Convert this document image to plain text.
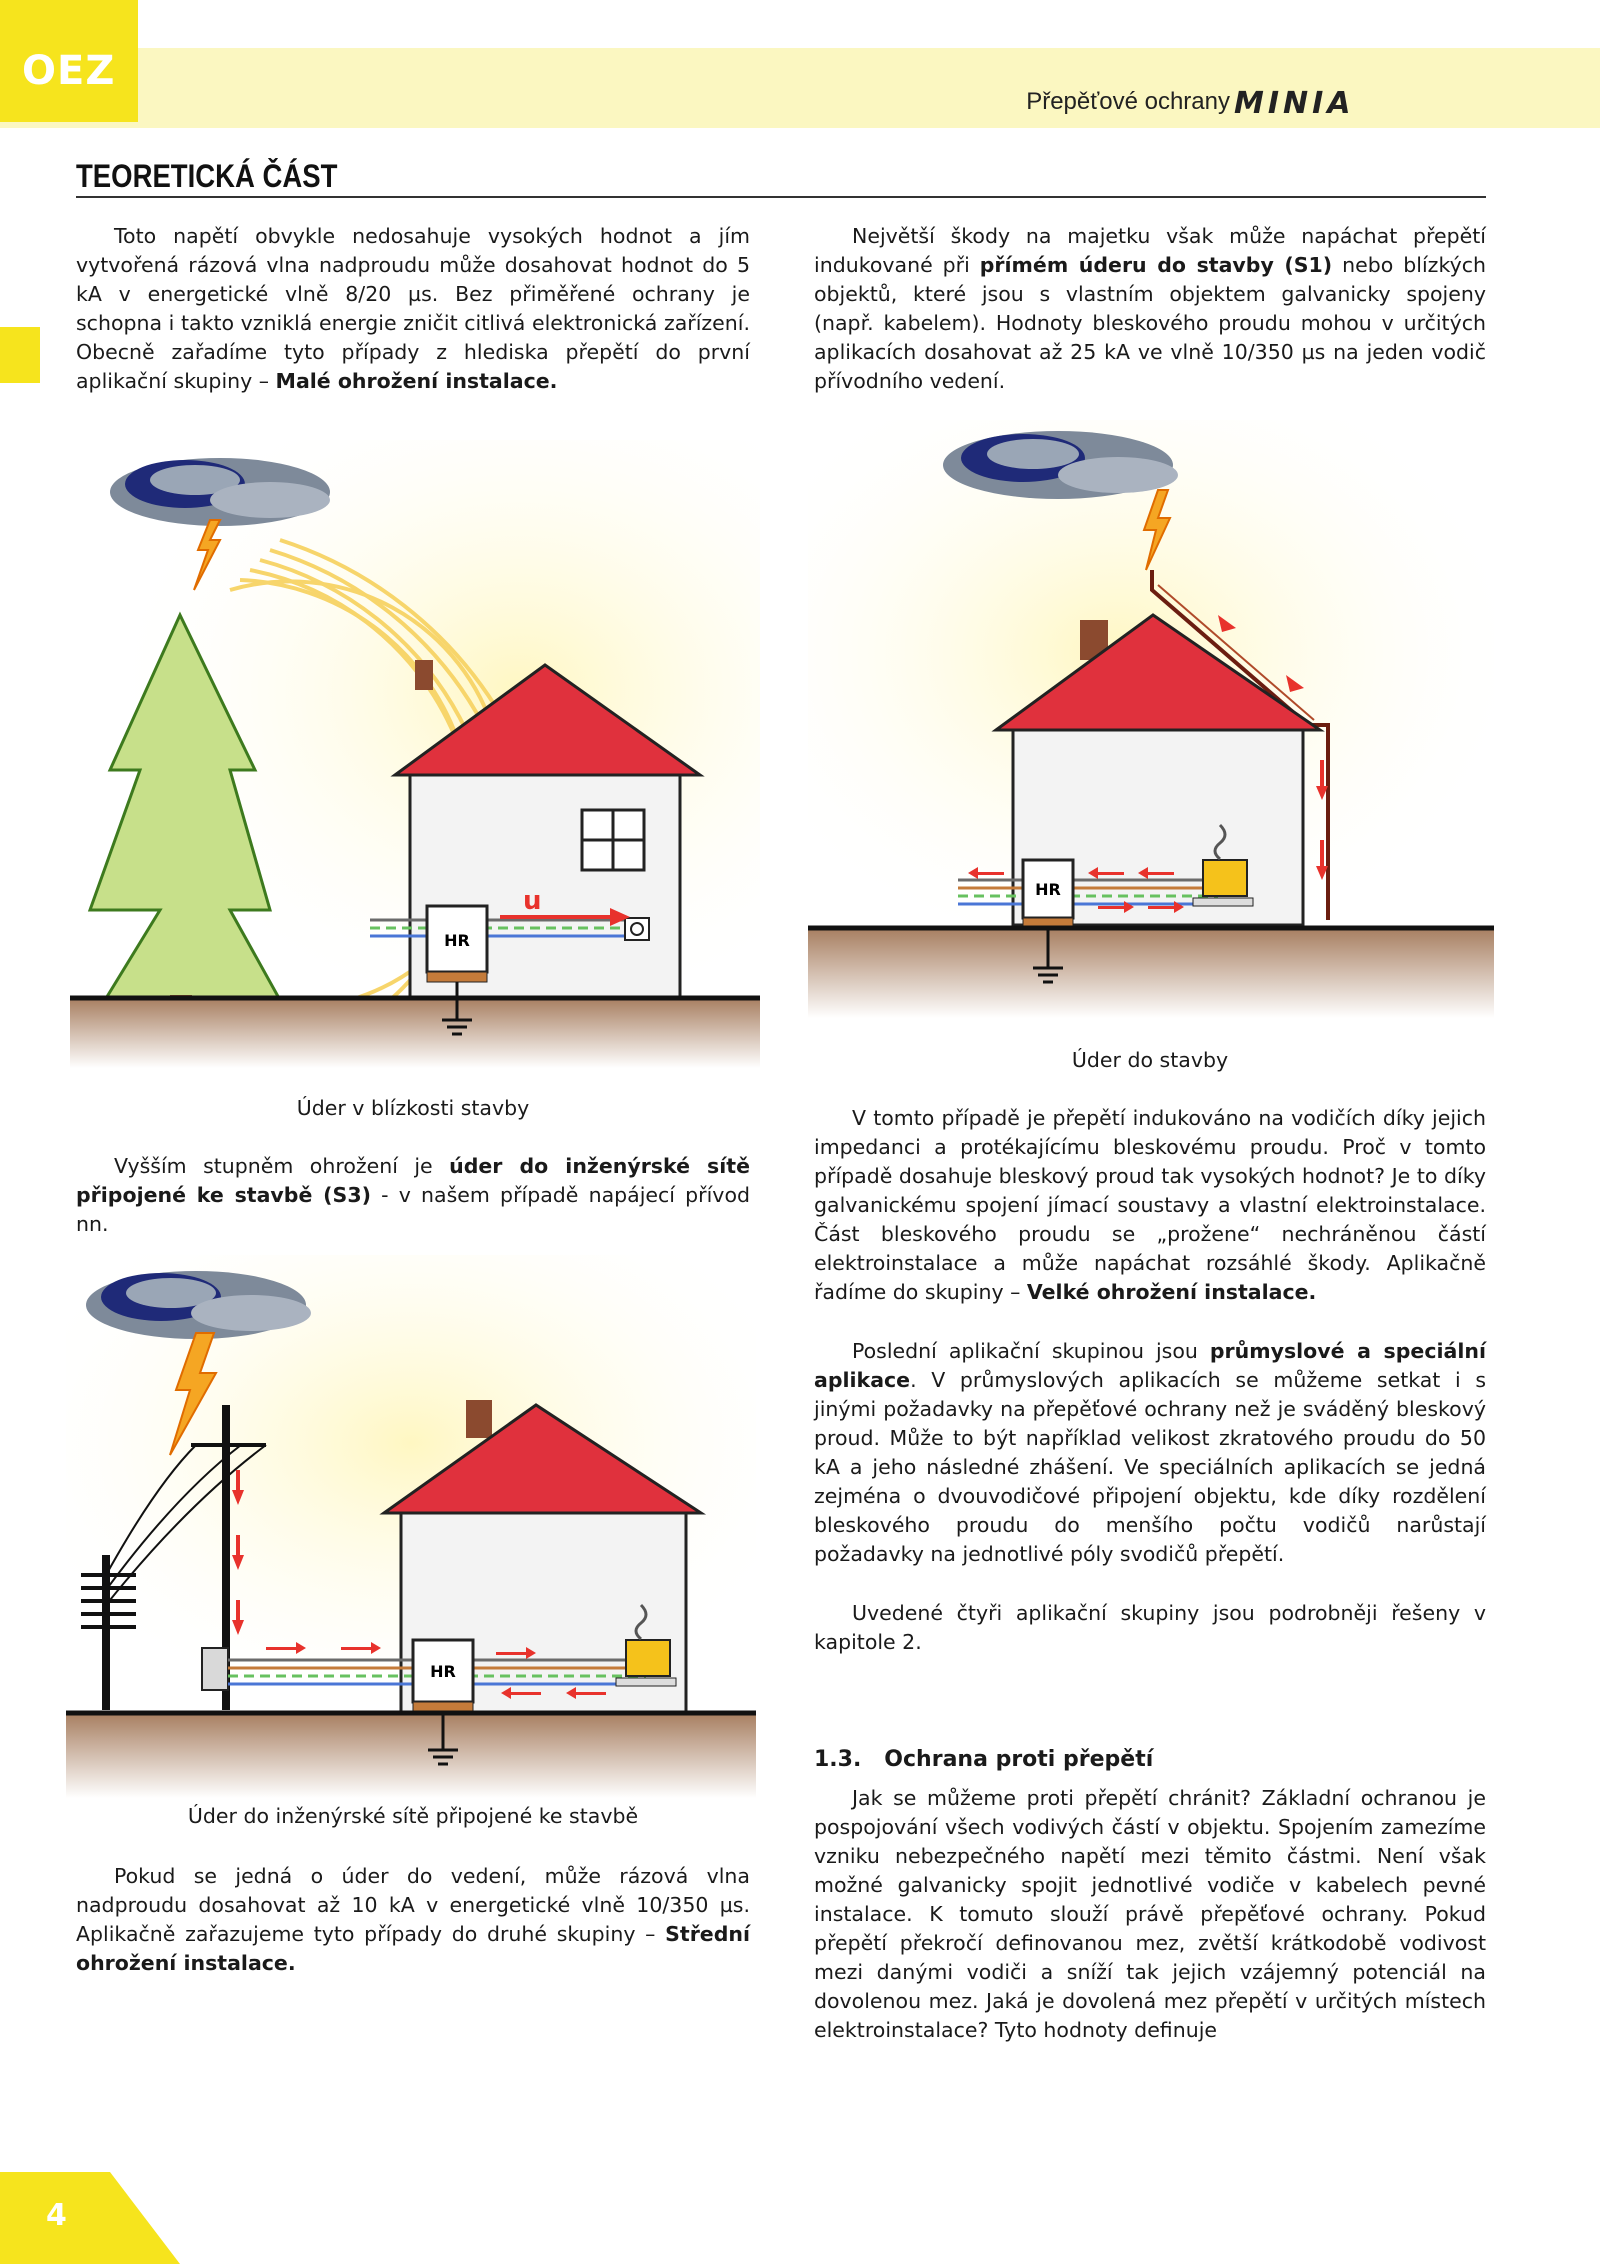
OEZ
Přepěťové ochrany MINIA
TEORETICKÁ ČÁST
Toto napětí obvykle nedosahuje vysokých hodnot a jím vytvořená rázová vlna nadproudu může dosahovat hodnot do 5 kA v energetické vlně 8/20 µs. Bez přiměřené ochrany je schopna i takto vzniklá energie zničit citlivá elektronická zařízení. Obecně zařadíme tyto případy z hlediska přepětí do první aplikační skupiny – Malé ohrožení instalace.
Největší škody na majetku však může napáchat přepětí indukované při přímém úderu do stavby (S1) nebo blízkých objektů, které jsou s vlastním objektem galvanicky spojeny (např. kabelem). Hodnoty bleskového proudu mohou v určitých aplikacích dosahovat až 25 kA ve vlně 10/350 µs na jeden vodič přívodního vedení.
HR
u
Úder v blízkosti stavby
Vyšším stupněm ohrožení je úder do inženýrské sítě připojené ke stavbě (S3) - v našem případě napájecí přívod nn.
HR
Úder do inženýrské sítě připojené ke stavbě
Pokud se jedná o úder do vedení, může rázová vlna nadproudu dosahovat až 10 kA v energetické vlně 10/350 µs. Aplikačně zařazujeme tyto případy do druhé skupiny – Střední ohrožení instalace.
HR
Úder do stavby
V tomto případě je přepětí indukováno na vodičích díky jejich impedanci a protékajícímu bleskovému proudu. Proč v tomto případě dosahuje bleskový proud tak vysokých hodnot? Je to díky galvanickému spojení jímací soustavy a vlastní elektroinstalace. Část bleskového proudu se „prožene“ nechráněnou částí elektroinstalace a může napáchat rozsáhlé škody. Aplikačně řadíme do skupiny – Velké ohrožení instalace.
Poslední aplikační skupinou jsou průmyslové a speciální aplikace. V průmyslových aplikacích se můžeme setkat i s jinými požadavky na přepěťové ochrany než je sváděný bleskový proud. Může to být například velikost zkratového proudu do 50 kA a jeho následné zhášení. Ve speciálních aplikacích se jedná zejména o dvouvodičové připojení objektu, kde díky rozdělení bleskového proudu do menšího počtu vodičů narůstají požadavky na jednotlivé póly svodičů přepětí.
Uvedené čtyři aplikační skupiny jsou podrobněji řešeny v kapitole 2.
1.3.   Ochrana proti přepětí
Jak se můžeme proti přepětí chránit? Základní ochranou je pospojování všech vodivých částí v objektu. Spojením zamezíme vzniku nebezpečného napětí mezi těmito částmi. Není však možné galvanicky spojit jednotlivé vodiče v kabelech pevné instalace. K tomuto slouží právě přepěťové ochrany. Pokud přepětí překročí definovanou mez, zvětší krátkodobě vodivost mezi danými vodiči a sníží tak jejich vzájemný potenciál na dovolenou mez. Jaká je dovolená mez přepětí v určitých místech elektroinstalace? Tyto hodnoty definuje
4
